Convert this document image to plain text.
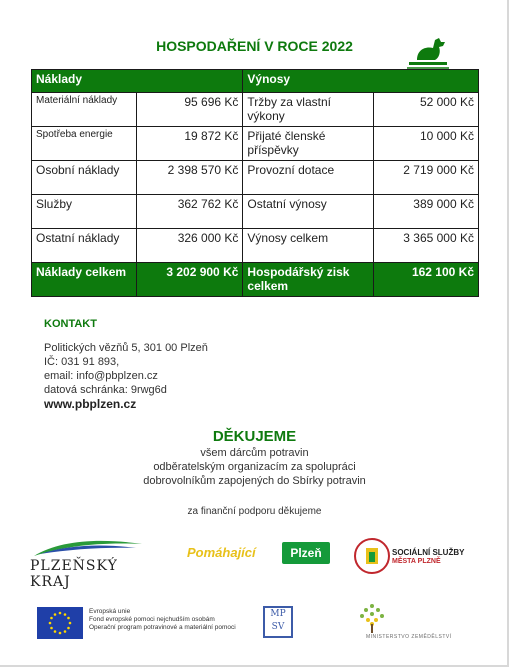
HOSPODAŘENÍ V ROCE 2022
Náklady		Výnosy	
Materiální náklady	95 696 Kč	Tržby za vlastní výkony	52 000 Kč
Spotřeba energie	19 872 Kč	Přijaté členské příspěvky	10 000 Kč
Osobní náklady	2 398 570 Kč	Provozní dotace	2 719 000 Kč
Služby	362 762 Kč	Ostatní výnosy	389 000 Kč
Ostatní náklady	326 000 Kč	Výnosy celkem	3 365 000 Kč
Náklady celkem	3 202 900 Kč	Hospodářský zisk celkem	162 100 Kč
KONTAKT
Politických vězňů 5, 301 00 Plzeň
IČ: 031 91 893,
email: info@pbplzen.cz
datová schránka: 9rwg6d
www.pbplzen.cz
DĚKUJEME
všem dárcům potravin
odběratelským organizacím za spolupráci
dobrovolníkům zapojených do Sbírky potravin
za finanční podporu děkujeme
PLZEŇSKÝ KRAJ
Pomáhající	Plzeň	SOCIÁLNÍ SLUŽBY
MĚSTA PLZNĚ
Evropská unie
Fond evropské pomoci nejchudším osobám
Operační program potravinové a materiální pomoci
MP
SV
MINISTERSTVO ZEMĚDĚLSTVÍ
